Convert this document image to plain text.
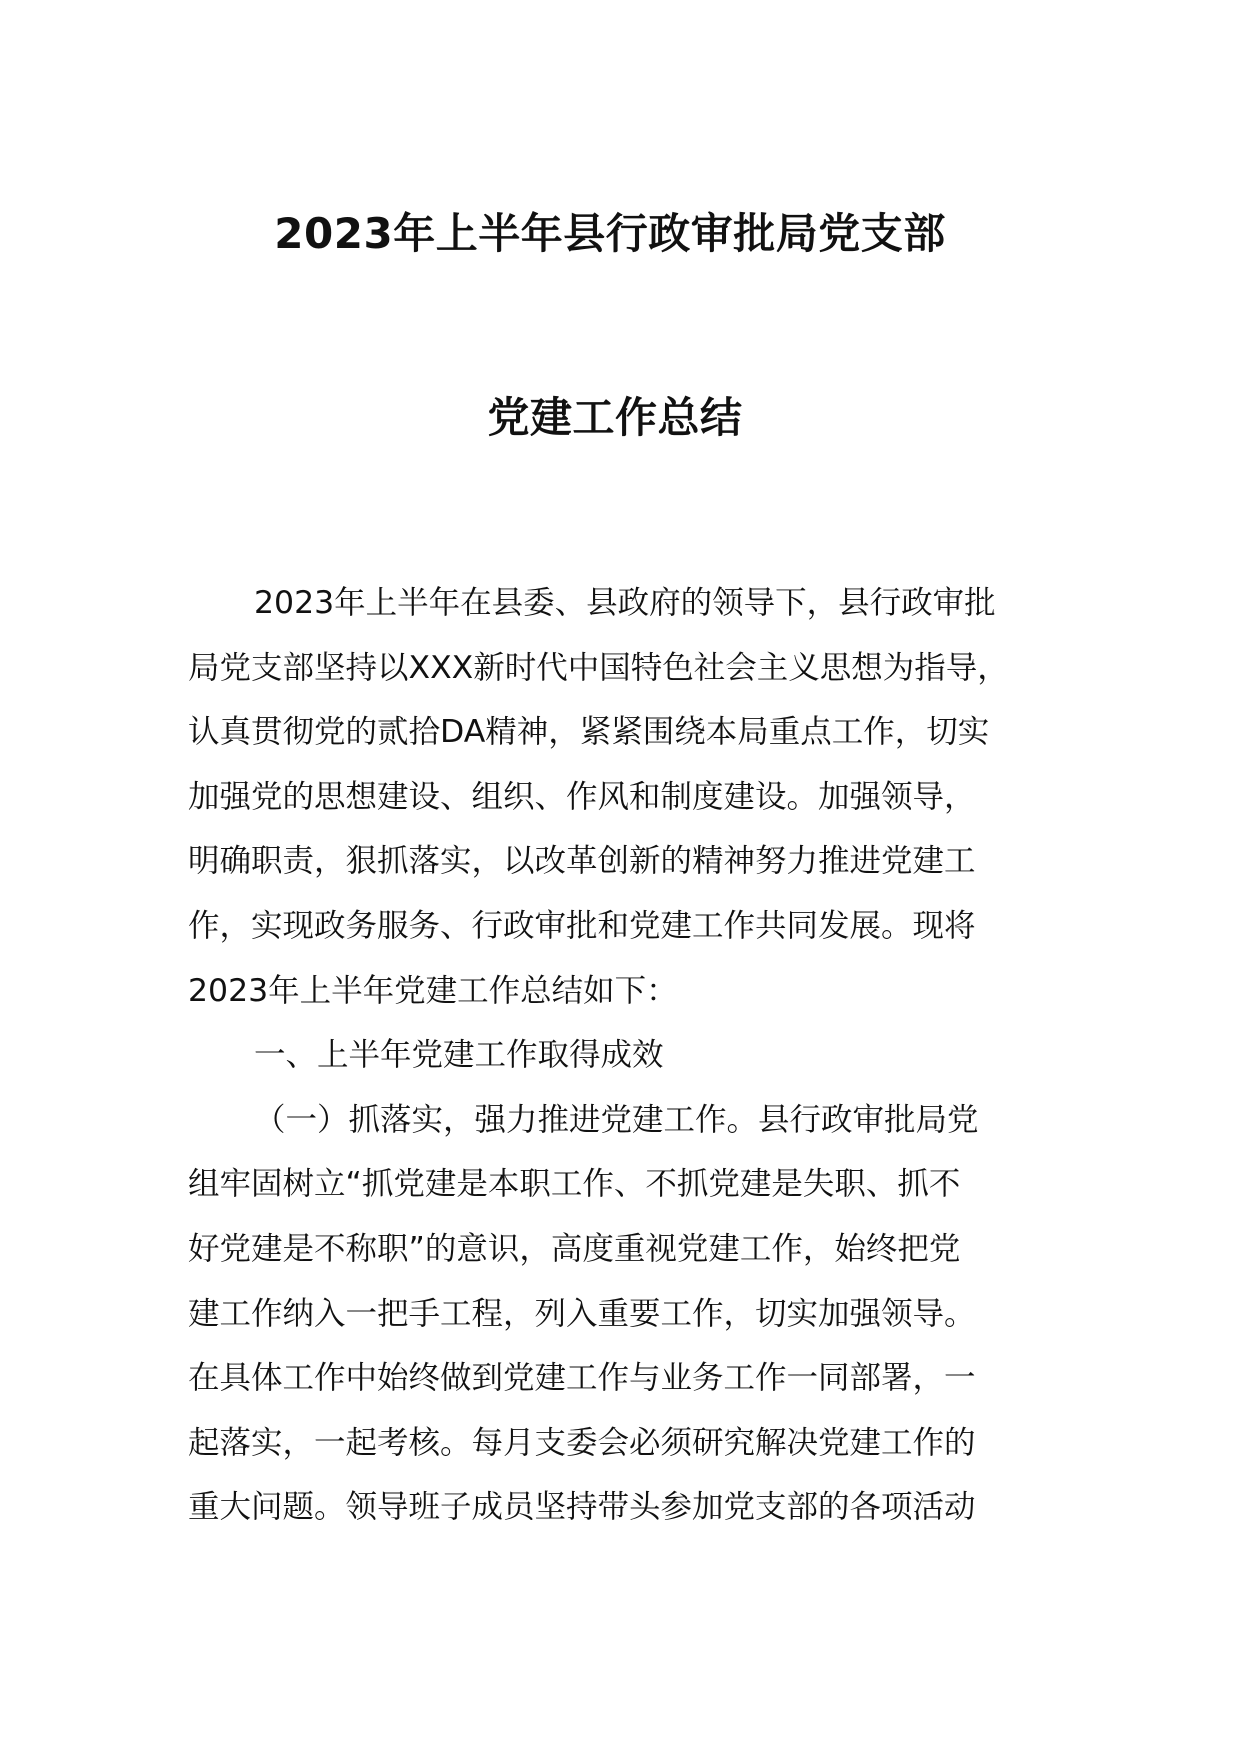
2023年上半年县行政审批局党支部
党建工作总结
2023年上半年在县委、县政府的领导下，县行政审批
局党支部坚持以XXX新时代中国特色社会主义思想为指导，
认真贯彻党的贰拾DA精神，紧紧围绕本局重点工作，切实
加强党的思想建设、组织、作风和制度建设。加强领导，
明确职责，狠抓落实，以改革创新的精神努力推进党建工
作，实现政务服务、行政审批和党建工作共同发展。现将
2023年上半年党建工作总结如下：
一、上半年党建工作取得成效
（一）抓落实，强力推进党建工作。县行政审批局党
组牢固树立“抓党建是本职工作、不抓党建是失职、抓不
好党建是不称职”的意识，高度重视党建工作，始终把党
建工作纳入一把手工程，列入重要工作，切实加强领导。
在具体工作中始终做到党建工作与业务工作一同部署，一
起落实，一起考核。每月支委会必须研究解决党建工作的
重大问题。领导班子成员坚持带头参加党支部的各项活动
